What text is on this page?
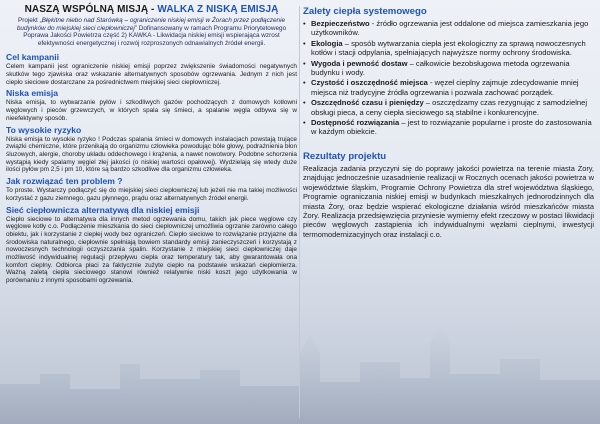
NASZĄ WSPÓLNĄ MISJĄ - WALKA Z NISKĄ EMISJĄ
Projekt „Błękitne niebo nad Starówką – ograniczenie niskiej emisji w Żorach przez podłączenie budynków do miejskiej sieci ciepłowniczej” Dofinansowany w ramach Programu Priorytetowego Poprawa Jakości Powietrza część 2) KAWKA - Likwidacja niskiej emisji wspierająca wzrost efektywności energetycznej i rozwój rozproszonych odnawialnych źródeł energii.
Cel kampanii
Celem kampanii jest ograniczenie niskiej emisji poprzez zwiększenie świadomości negatywnych skutków tego zjawiska oraz wskazanie alternatywnych sposobów ogrzewania. Jednym z nich jest ciepło sieciowe dostarczane za pośrednictwem miejskiej sieci ciepłowniczej.
Niska emisja
Niska emisja, to wytwarzanie pyłów i szkodliwych gazów pochodzących z domowych kotłowni węglowych i pieców grzewczych, w których spala się śmieci, a spalanie węgla odbywa się w nieefektywny sposób.
To wysokie ryzyko
Niska emisja to wysokie ryzyko ! Podczas spalania śmieci w domowych instalacjach powstają trujące związki chemiczne, które przenikają do organizmu człowieka powodując bóle głowy, podrażnienia błon śluzowych, alergie, choroby układu oddechowego i krążenia, a nawet nowotwory. Podobne schorzenia wystąpią kiedy spalamy węgiel złej jakości (o niskiej wartości opałowej). Wydzielają się wtedy duże ilości pyłów pm 2,5 i pm 10, które są bardzo szkodliwe dla organizmu człowieka.
Jak rozwiązać ten problem ?
To proste. Wystarczy podłączyć się do miejskiej sieci ciepłowniczej lub jeżeli nie ma takiej możliwości korzystać z gazu ziemnego, gazu płynnego, prądu oraz alternatywnych źródeł energii.
Sieć ciepłownicza alternatywą dla niskiej emisji
Ciepło sieciowe to alternatywa dla innych metod ogrzewania domu, takich jak piece węglowe czy węglowe kotły c.o. Podłączenie mieszkania do sieci ciepłowniczej umożliwia ogrzanie zarówno całego obiektu, jak i korzystanie z ciepłej wody bez ograniczeń. Ciepło sieciowe to rozwiązanie przyjazne dla środowiska naturalnego, ciepłownie spełniają bowiem standardy emisji zanieczyszczeń i korzystają z nowoczesnych technologii oczyszczania spalin. Korzystanie z miejskiej sieci ciepłowniczej daje możliwość indywidualnej regulacji przepływu ciepła oraz temperatury tak, aby gwarantowała ona komfort cieplny. Odbiorca płaci za faktycznie zużyte ciepło na podstawie wskazań ciepłomierza. Ważną zaletą ciepła sieciowego stanowi również relatywnie niski koszt jego użytkowania w porównaniu z innymi sposobami ogrzewania.
Zalety ciepła systemowego
• Bezpieczeństwo - źródło ogrzewania jest oddalone od miejsca zamieszkania jego użytkowników.
• Ekologia – sposób wytwarzania ciepła jest ekologiczny za sprawą nowoczesnych kotłów i stacji odpylania, spełniających najwyższe normy ochrony środowiska.
• Wygoda i pewność dostaw – całkowicie bezobsługowa metoda ogrzewania budynku i wody.
• Czystość i oszczędność miejsca - węzeł cieplny zajmuje zdecydowanie mniej miejsca niż tradycyjne źródła ogrzewania i pozwala zachować porządek.
• Oszczędność czasu i pieniędzy – oszczędzamy czas rezygnując z samodzielnej obsługi pieca, a ceny ciepła sieciowego są stabilne i konkurencyjne.
• Dostępność rozwiązania – jest to rozwiązanie popularne i proste do zastosowania w każdym obiekcie.
Rezultaty projektu
Realizacja zadania przyczyni się do poprawy jakości powietrza na terenie miasta Żory, znajdując jednocześnie uzasadnienie realizacji w Rocznych ocenach jakości powietrza w województwie śląskim, Programie Ochrony Powietrza dla stref województwa śląskiego, Programie ograniczania niskiej emisji w budynkach mieszkalnych jednorodzinnych dla miasta Żory, oraz będzie wspierać ekologiczne działania wśród mieszkańców miasta Żory. Realizacja przedsięwzięcia przyniesie wymierny efekt rzeczowy w postaci likwidacji pieców węglowych zastąpienia ich indywidualnymi węzłami cieplnymi, inwestycji termomodernizacyjnych oraz instalacji c.o.
